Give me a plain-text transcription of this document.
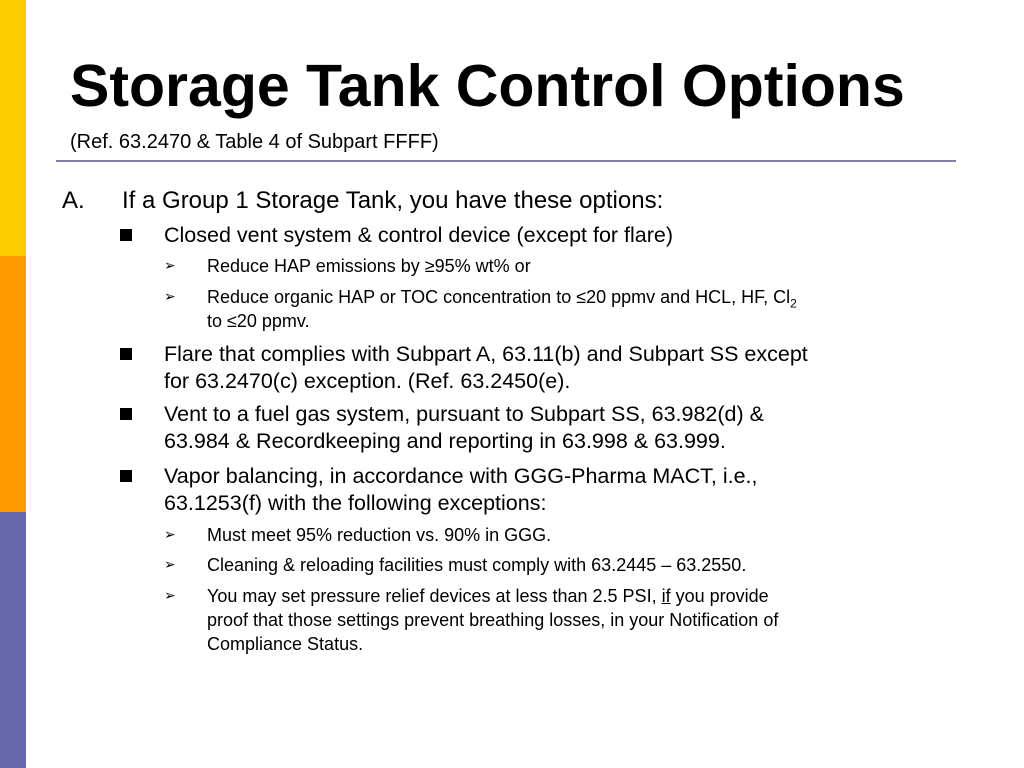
Storage Tank Control Options
(Ref. 63.2470 & Table 4 of Subpart FFFF)
A. If a Group 1 Storage Tank, you have these options:
Closed vent system & control device (except for flare)
➢ Reduce HAP emissions by ≥95% wt% or
➢ Reduce organic HAP or TOC concentration to ≤20 ppmv and HCL, HF, $Cl_2$
to ≤20 ppmv.
Flare that complies with Subpart A, 63.11(b) and Subpart SS except
for 63.2470(c) exception. (Ref. 63.2450(e).
Vent to a fuel gas system, pursuant to Subpart SS, 63.982(d) &
63.984 & Recordkeeping and reporting in 63.998 & 63.999.
Vapor balancing, in accordance with GGG-Pharma MACT, i.e.,
63.1253(f) with the following exceptions:
➢ Must meet 95% reduction vs. 90% in GGG.
➢ Cleaning & reloading facilities must comply with 63.2445 – 63.2550.
➢ You may set pressure relief devices at less than 2.5 PSI, if you provide
proof that those settings prevent breathing losses, in your Notification of
Compliance Status.
